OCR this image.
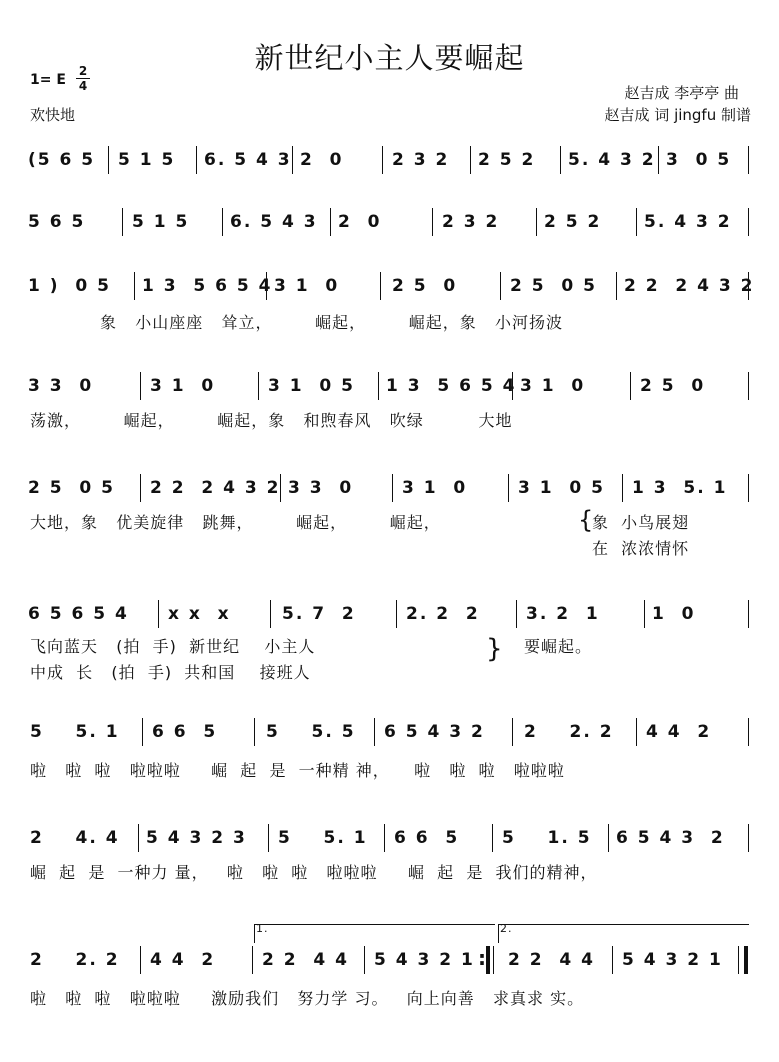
新世纪小主人要崛起
1= E
2
4
欢快地
赵吉成 李亭亭 曲
赵吉成 词 jingfu 制谱
(5 6 5 5 1 5 6. 5 4 3 2  0	2 3 2 2 5 2 5. 4 3 2 3  0 5
5 6 5	5 1 5 6. 5 4 3 2  0	2 3 2	2 5 2	5. 4 3 2
1 )  0 5 1 3  5 6 5 4 3 1  0	2 5  0	2 5  0 5 2 2  2 4 3 2
象   小山座座   耸立，       崛起，       崛起，象   小河扬波
3 3  0	3 1  0	3 1  0 5 1 3  5 6 5 4 3 1  0	2 5  0
荡激，       崛起，       崛起，象   和煦春风   吹绿         大地
2 5  0 5 2 2  2 4 3 2 3 3  0	3 1  0	3 1  0 5 1 3  5. 1
大地，象   优美旋律   跳舞，       崛起，       崛起，	{
象  小鸟展翅
在  浓浓情怀
6 5 6 5 4 x x  x	5. 7  2	2. 2  2	3. 2  1	1  0
飞向蓝天   (拍  手)  新世纪    小主人
中成  长   (拍  手)  共和国    接班人
} 要崛起。
5    5. 1 6 6  5	5    5. 5 6 5 4 3 2 2    2. 2 4 4  2
啦   啦  啦   啦啦啦     崛  起  是  一种精 神，    啦   啦  啦   啦啦啦
2    4. 4 5 4 3 2 3 5    5. 1 6 6  5	5    1. 5 6 5 4 3  2
崛  起  是  一种力 量，   啦   啦  啦   啦啦啦     崛  起  是  我们的精神，
1.	2.
2    2. 2 4 4  2	2 2  4 4 5 4 3 2 1 : 2 2  4 4 5 4 3 2 1
啦   啦  啦   啦啦啦     激励我们   努力学 习。   向上向善   求真求 实。
